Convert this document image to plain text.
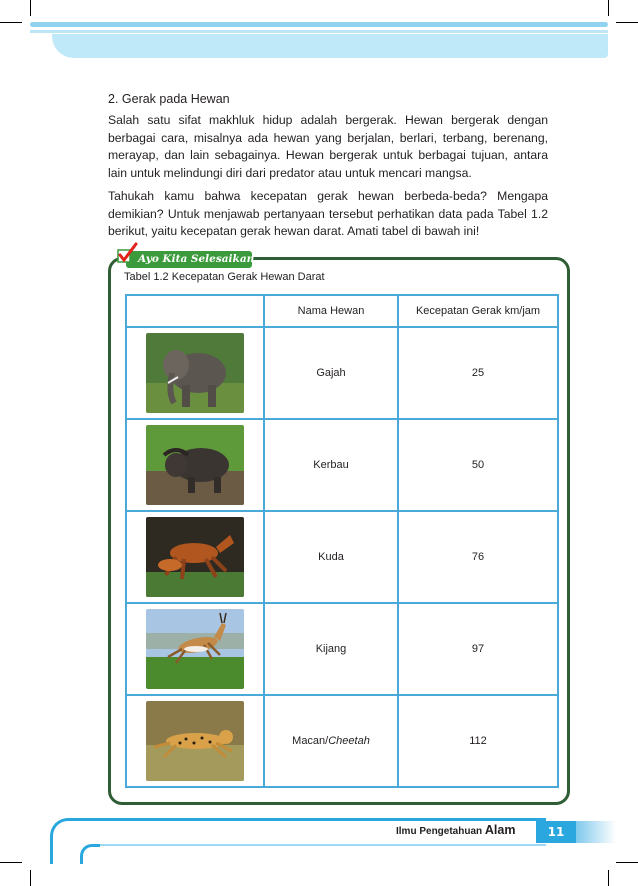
2. Gerak pada Hewan
Salah satu sifat makhluk hidup adalah bergerak. Hewan bergerak dengan berbagai cara, misalnya ada hewan yang berjalan, berlari, terbang, berenang, merayap, dan lain sebagainya. Hewan bergerak untuk berbagai tujuan, antara lain untuk melindungi diri dari predator atau untuk mencari mangsa.
Tahukah kamu bahwa kecepatan gerak hewan berbeda-beda? Mengapa demikian? Untuk menjawab pertanyaan tersebut perhatikan data pada Tabel 1.2 berikut, yaitu kecepatan gerak hewan darat. Amati tabel di bawah ini!
Ayo Kita Selesaikan
Tabel 1.2 Kecepatan Gerak Hewan Darat
	Nama Hewan	Kecepatan Gerak km/jam

	Gajah	25

	Kerbau	50

	Kuda	76

	Kijang	97

	Macan/Cheetah	112
Ilmu Pengetahuan Alam	11
